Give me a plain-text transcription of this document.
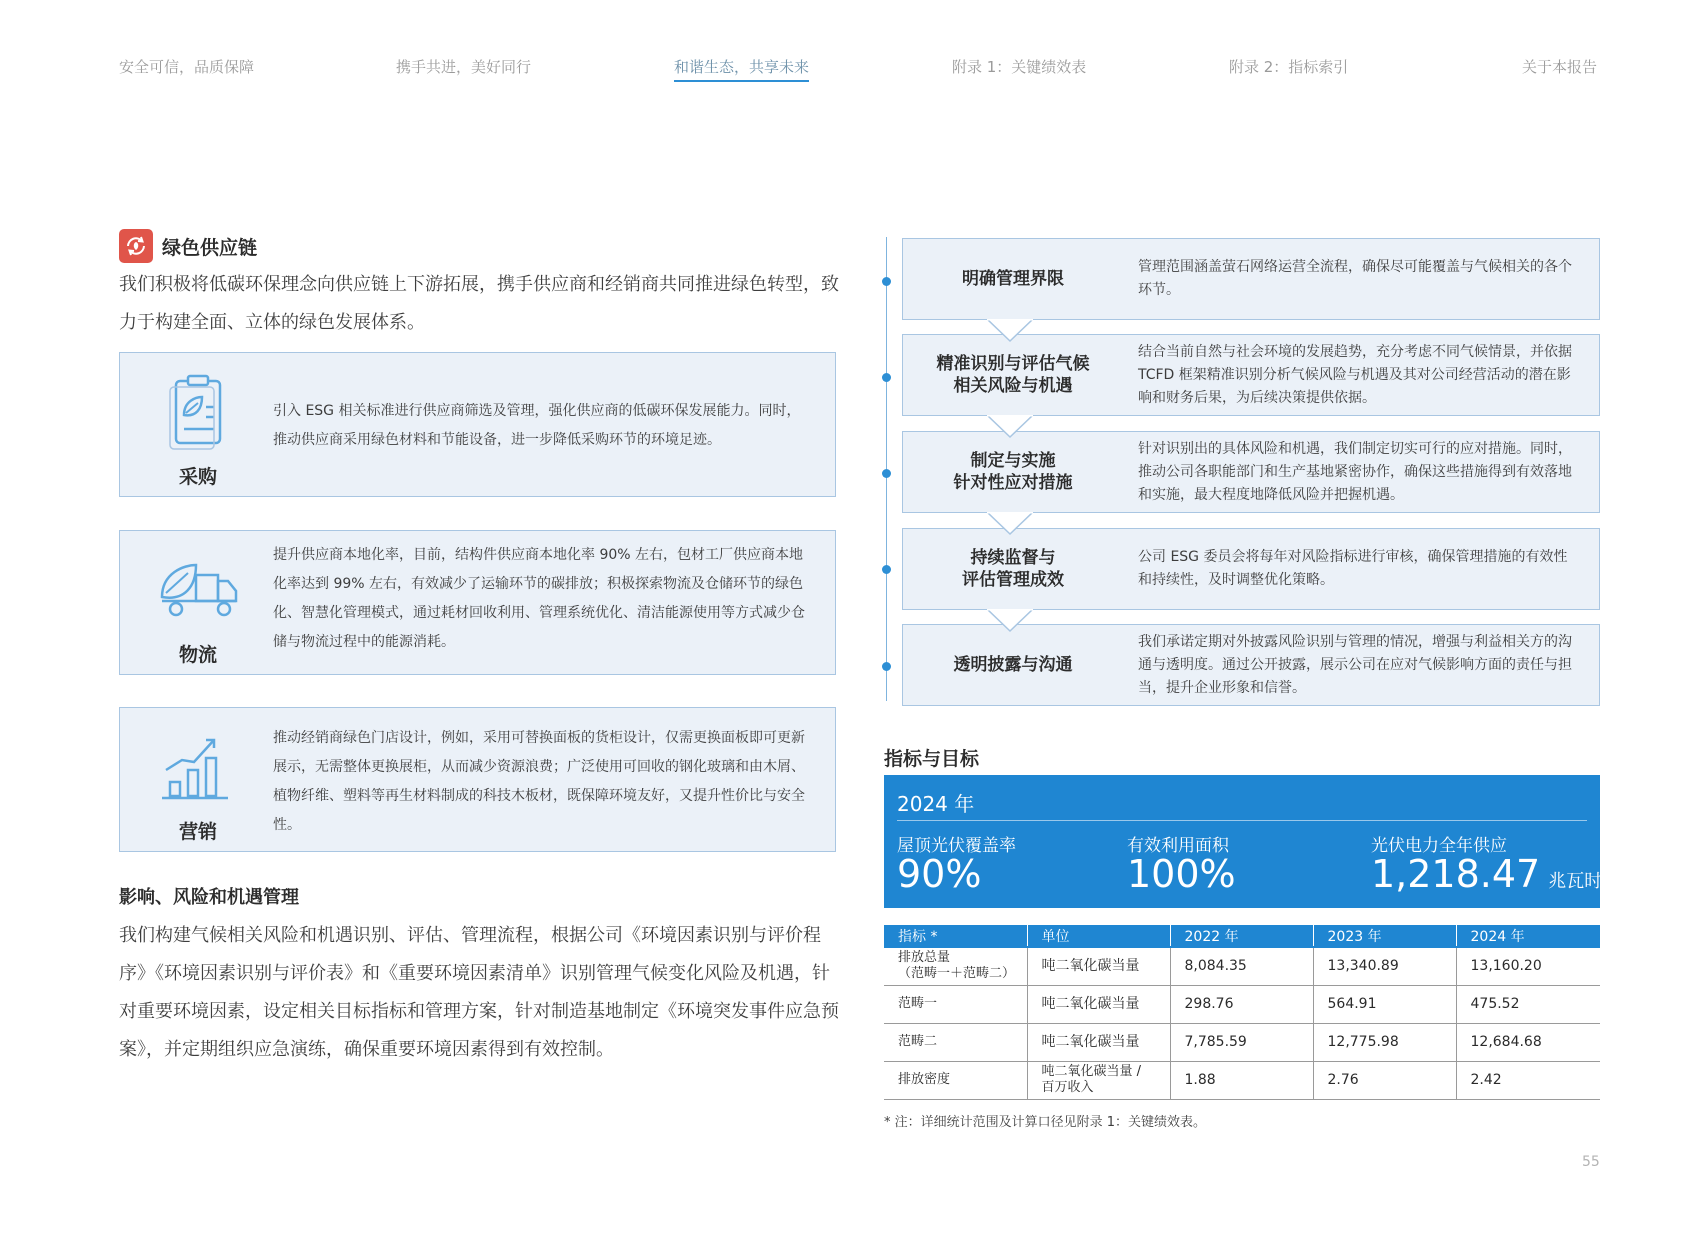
安全可信，品质保障	携手共进，美好同行	和谐生态，共享未来	附录 1：关键绩效表	附录 2：指标索引	关于本报告
绿色供应链
我们积极将低碳环保理念向供应链上下游拓展，携手供应商和经销商共同推进绿色转型，致力于构建全面、立体的绿色发展体系。
采购
引入 ESG 相关标准进行供应商筛选及管理，强化供应商的低碳环保发展能力。同时，推动供应商采用绿色材料和节能设备，进一步降低采购环节的环境足迹。
物流
提升供应商本地化率，目前，结构件供应商本地化率 90% 左右，包材工厂供应商本地化率达到 99% 左右，有效减少了运输环节的碳排放；积极探索物流及仓储环节的绿色化、智慧化管理模式，通过耗材回收利用、管理系统优化、清洁能源使用等方式减少仓储与物流过程中的能源消耗。
营销
推动经销商绿色门店设计，例如，采用可替换面板的货柜设计，仅需更换面板即可更新展示，无需整体更换展柜，从而减少资源浪费；广泛使用可回收的钢化玻璃和由木屑、植物纤维、塑料等再生材料制成的科技木板材，既保障环境友好，又提升性价比与安全性。
影响、风险和机遇管理
我们构建气候相关风险和机遇识别、评估、管理流程，根据公司《环境因素识别与评价程序》《环境因素识别与评价表》和《重要环境因素清单》识别管理气候变化风险及机遇，针对重要环境因素，设定相关目标指标和管理方案，针对制造基地制定《环境突发事件应急预案》，并定期组织应急演练，确保重要环境因素得到有效控制。
明确管理界限
管理范围涵盖萤石网络运营全流程，确保尽可能覆盖与气候相关的各个环节。
精准识别与评估气候
相关风险与机遇
结合当前自然与社会环境的发展趋势，充分考虑不同气候情景，并依据 TCFD 框架精准识别分析气候风险与机遇及其对公司经营活动的潜在影响和财务后果，为后续决策提供依据。
制定与实施
针对性应对措施
针对识别出的具体风险和机遇，我们制定切实可行的应对措施。同时，推动公司各职能部门和生产基地紧密协作，确保这些措施得到有效落地和实施，最大程度地降低风险并把握机遇。
持续监督与
评估管理成效
公司 ESG 委员会将每年对风险指标进行审核，确保管理措施的有效性和持续性，及时调整优化策略。
透明披露与沟通
我们承诺定期对外披露风险识别与管理的情况，增强与利益相关方的沟通与透明度。通过公开披露，展示公司在应对气候影响方面的责任与担当，提升企业形象和信誉。
指标与目标
2024 年
屋顶光伏覆盖率
90%
有效利用面积
100%
光伏电力全年供应
1,218.47 兆瓦时
指标 *	单位	2022 年	2023 年	2024 年
排放总量
（范畴一＋范畴二）	吨二氧化碳当量	8,084.35	13,340.89	13,160.20
范畴一	吨二氧化碳当量	298.76	564.91	475.52
范畴二	吨二氧化碳当量	7,785.59	12,775.98	12,684.68
排放密度	吨二氧化碳当量 /
百万收入	1.88	2.76	2.42
* 注：详细统计范围及计算口径见附录 1：关键绩效表。
55
